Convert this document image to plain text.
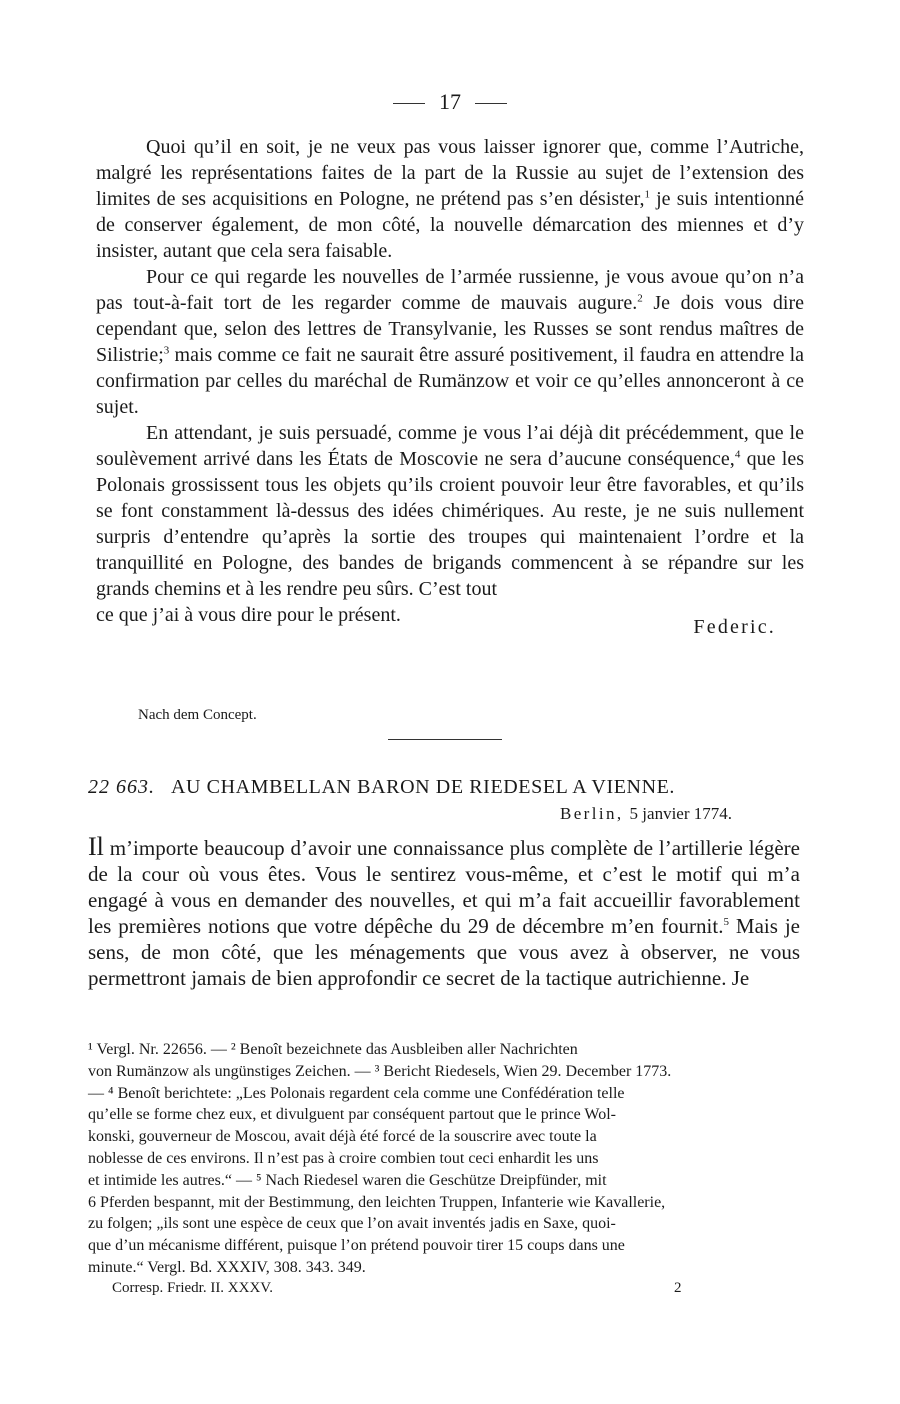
17

Quoi qu’il en soit, je ne veux pas vous laisser ignorer que, comme l’Autriche, malgré les représentations faites de la part de la Russie au sujet de l’extension des limites de ses acquisitions en Pologne, ne prétend pas s’en désister,$^1$ je suis intentionné de conserver également, de mon côté, la nouvelle démarcation des miennes et d’y insister, autant que cela sera faisable.

Pour ce qui regarde les nouvelles de l’armée russienne, je vous avoue qu’on n’a pas tout-à-fait tort de les regarder comme de mauvais augure.$^2$ Je dois vous dire cependant que, selon des lettres de Transylvanie, les Russes se sont rendus maîtres de Silistrie;$^3$ mais comme ce fait ne saurait être assuré positivement, il faudra en attendre la confirmation par celles du maréchal de Rumänzow et voir ce qu’elles annonceront à ce sujet.

En attendant, je suis persuadé, comme je vous l’ai déjà dit précédemment, que le soulèvement arrivé dans les États de Moscovie ne sera d’aucune conséquence,$^4$ que les Polonais grossissent tous les objets qu’ils croient pouvoir leur être favorables, et qu’ils se font constamment là-dessus des idées chimériques. Au reste, je ne suis nullement surpris d’entendre qu’après la sortie des troupes qui maintenaient l’ordre et la tranquillité en Pologne, des bandes de brigands commencent à se répandre sur les grands chemins et à les rendre peu sûrs. C’est tout

ce que j’ai à vous dire pour le présent.
Federic.
Nach dem Concept.
22 663. AU CHAMBELLAN BARON DE RIEDESEL A VIENNE.
Berlin, 5 janvier 1774.

Il m’importe beaucoup d’avoir une connaissance plus complète de l’artillerie légère de la cour où vous êtes. Vous le sentirez vous-même, et c’est le motif qui m’a engagé à vous en demander des nouvelles, et qui m’a fait accueillir favorablement les premières notions que votre dépêche du 29 de décembre m’en fournit.$^5$ Mais je sens, de mon côté, que les ménagements que vous avez à observer, ne vous permettront jamais de bien approfondir ce secret de la tactique autrichienne. Je

¹ Vergl. Nr. 22656. — ² Benoît bezeichnete das Ausbleiben aller Nachrichten

von Rumänzow als ungünstiges Zeichen. — ³ Bericht Riedesels, Wien 29. December 1773.

— ⁴ Benoît berichtete: „Les Polonais regardent cela comme une Confédération telle

qu’elle se forme chez eux, et divulguent par conséquent partout que le prince Wol-

konski, gouverneur de Moscou, avait déjà été forcé de la souscrire avec toute la

noblesse de ces environs. Il n’est pas à croire combien tout ceci enhardit les uns

et intimide les autres.“ — ⁵ Nach Riedesel waren die Geschütze Dreipfünder, mit

6 Pferden bespannt, mit der Bestimmung, den leichten Truppen, Infanterie wie Kavallerie,

zu folgen; „ils sont une espèce de ceux que l’on avait inventés jadis en Saxe, quoi-

que d’un mécanisme différent, puisque l’on prétend pouvoir tirer 15 coups dans une

minute.“ Vergl. Bd. XXXIV, 308. 343. 349.

Corresp. Friedr. II. XXXV.	2
